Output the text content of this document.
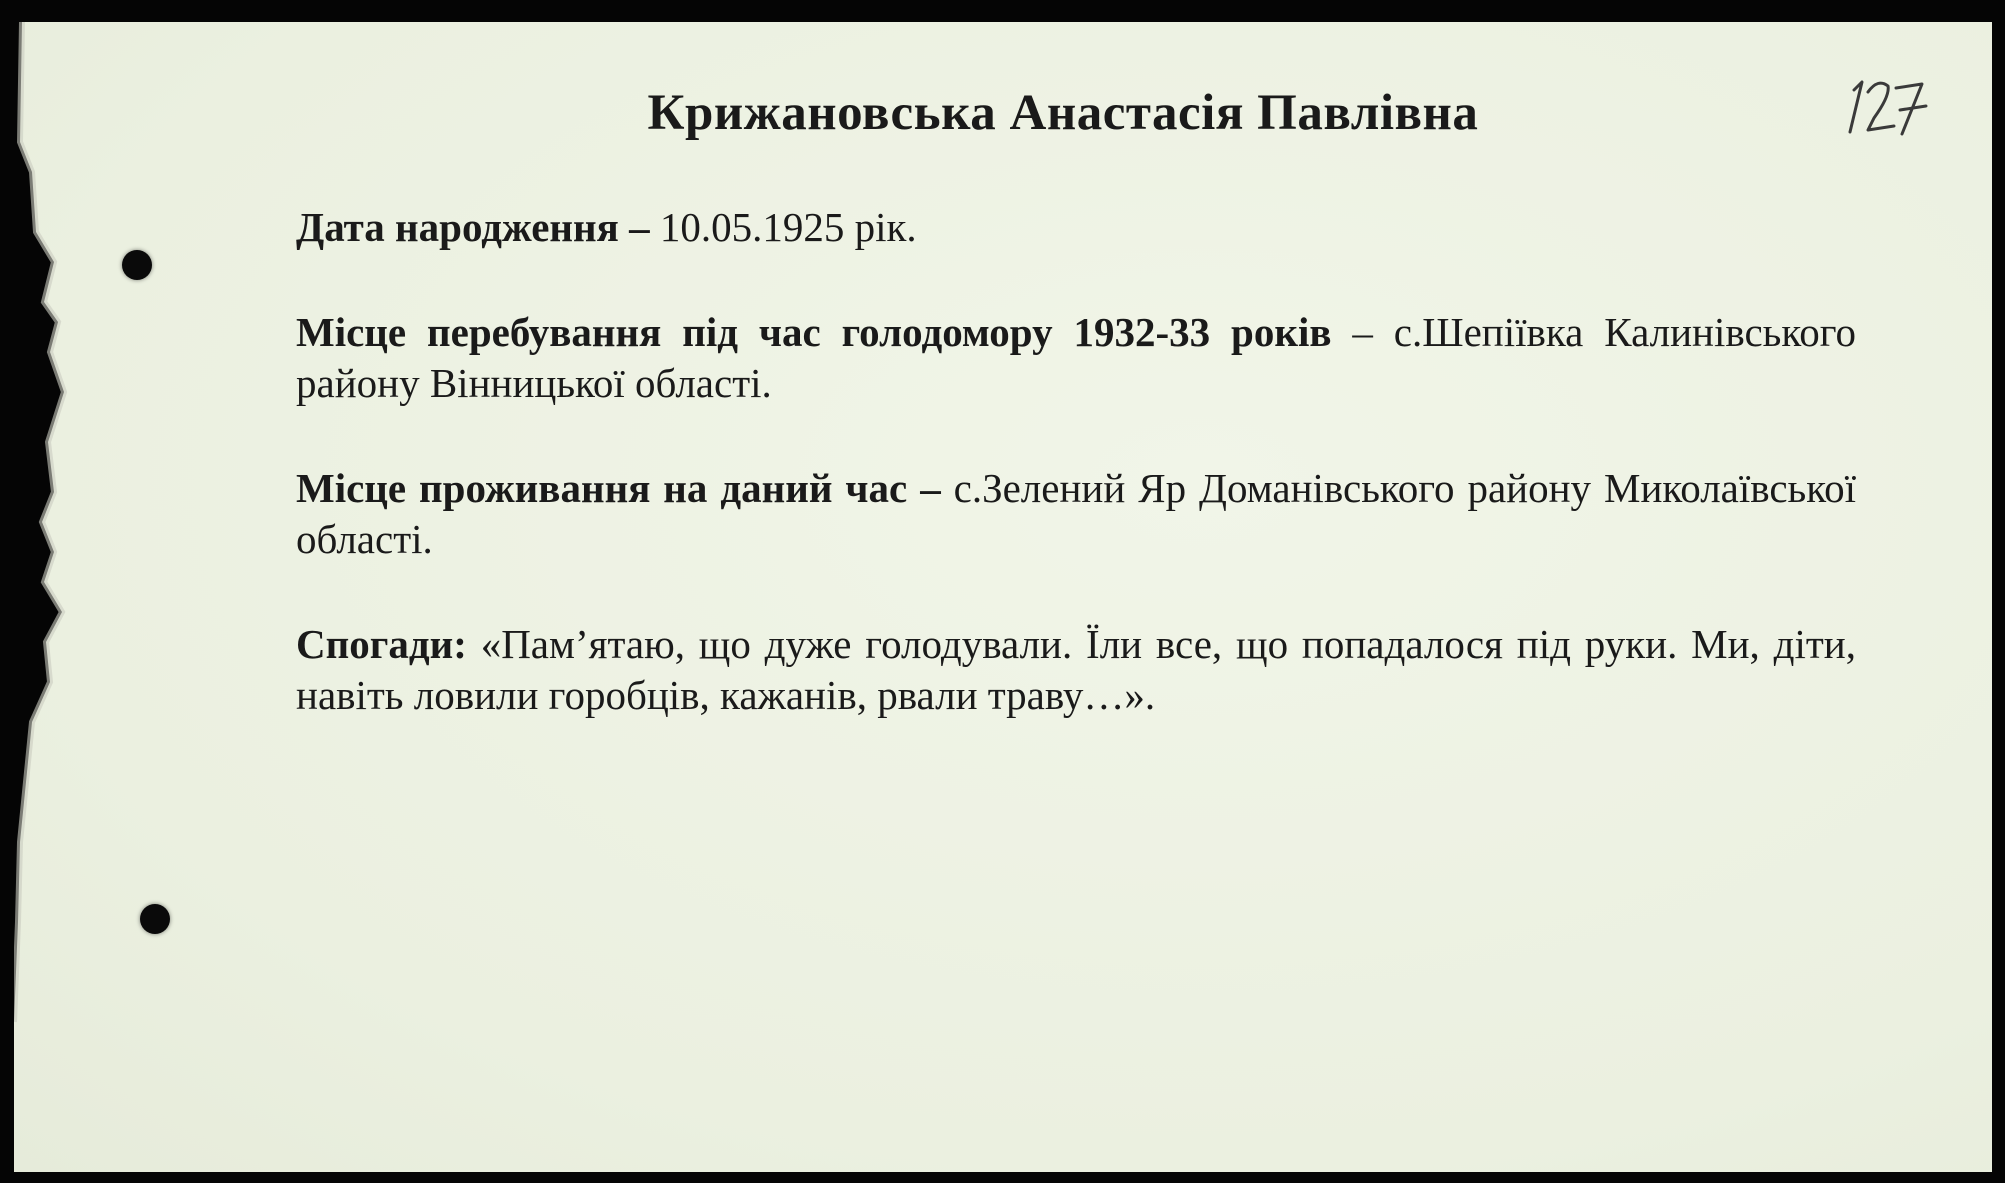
Крижановська Анастасія Павлівна

Дата народження – 10.05.1925 рік.

Місце перебування під час голодомору 1932-33 років – с.Шепіївка Калинівського району Вінницької області.

Місце проживання на даний час – с.Зелений Яр Доманівського району Миколаївської області.

Спогади: «Пам’ятаю, що дуже голодували. Їли все, що попадалося під руки. Ми, діти, навіть ловили горобців, кажанів, рвали траву…».
